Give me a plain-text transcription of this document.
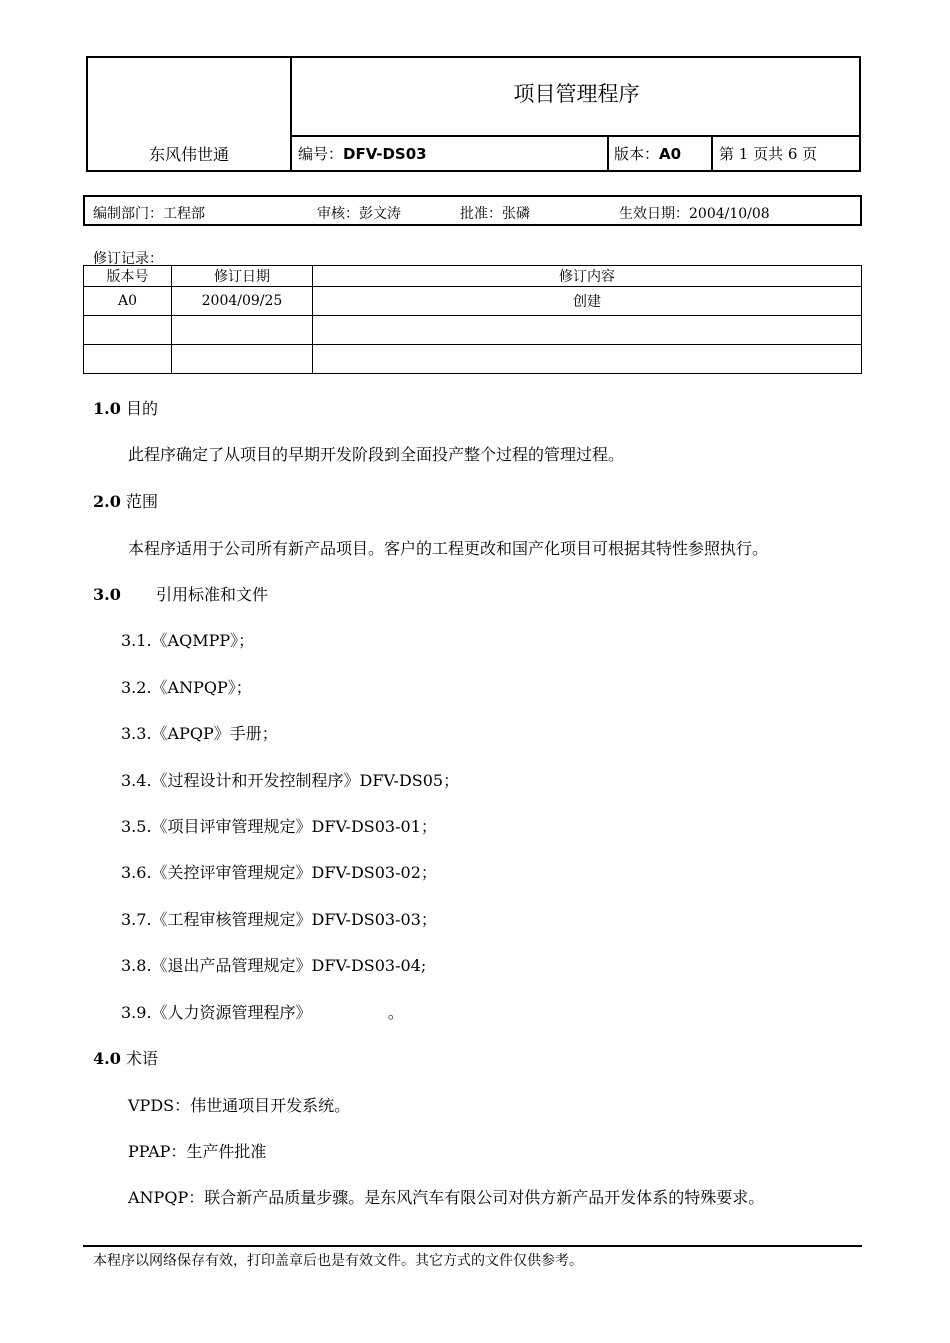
项目管理程序
东风伟世通	编号：DFV-DS03	版本：A0	第 1 页共 6 页
编制部门：工程部	审核：彭文涛	批准：张磷	生效日期：2004/10/08
修订记录：
版本号	修订日期	修订内容
A0	2004/09/25	创建

1.0 目的
此程序确定了从项目的早期开发阶段到全面投产整个过程的管理过程。
2.0 范围
本程序适用于公司所有新产品项目。客户的工程更改和国产化项目可根据其特性参照执行。
3.0 引用标准和文件
3.1.《AQMPP》；
3.2.《ANPQP》；
3.3.《APQP》手册；
3.4.《过程设计和开发控制程序》DFV-DS05；
3.5.《项目评审管理规定》DFV-DS03-01；
3.6.《关控评审管理规定》DFV-DS03-02；
3.7.《工程审核管理规定》DFV-DS03-03；
3.8.《退出产品管理规定》DFV-DS03-04;
3.9.《人力资源管理程序》               。
4.0 术语
VPDS：伟世通项目开发系统。
PPAP：生产件批准
ANPQP：联合新产品质量步骤。是东风汽车有限公司对供方新产品开发体系的特殊要求。
本程序以网络保存有效，打印盖章后也是有效文件。其它方式的文件仅供参考。
